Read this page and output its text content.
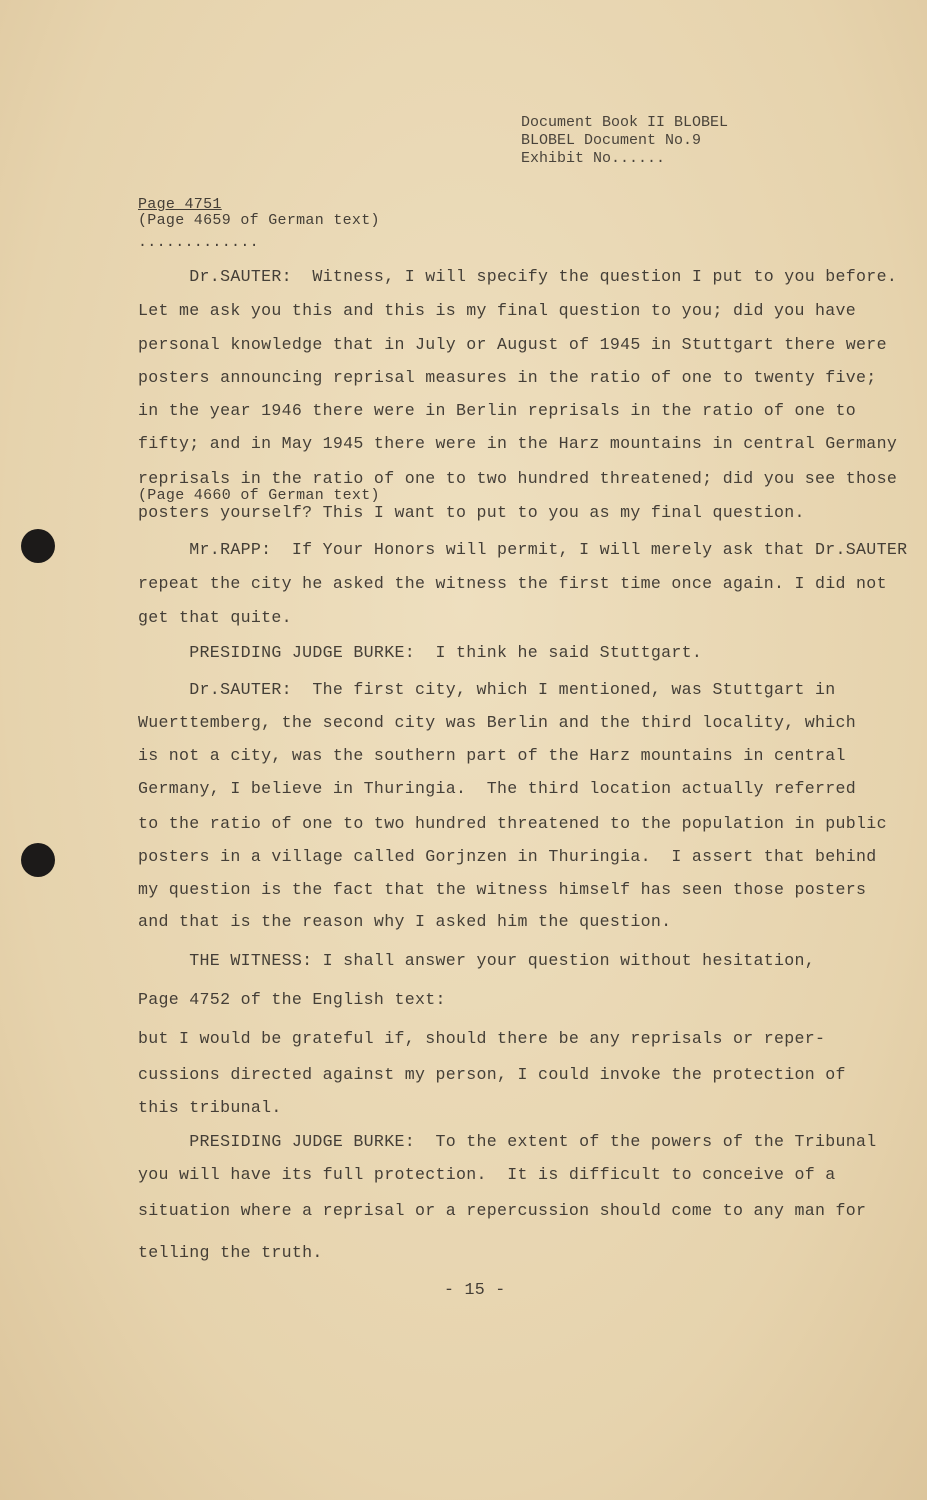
Document Book II BLOBEL
BLOBEL Document No.9
Exhibit No......
Page 4751
(Page 4659 of German text)
.............
Dr.SAUTER:  Witness, I will specify the question I put to you before.
Let me ask you this and this is my final question to you; did you have
personal knowledge that in July or August of 1945 in Stuttgart there were
posters announcing reprisal measures in the ratio of one to twenty five;
in the year 1946 there were in Berlin reprisals in the ratio of one to
fifty; and in May 1945 there were in the Harz mountains in central Germany
reprisals in the ratio of one to two hundred threatened; did you see those
(Page 4660 of German text)
posters yourself? This I want to put to you as my final question.
Mr.RAPP:  If Your Honors will permit, I will merely ask that Dr.SAUTER
repeat the city he asked the witness the first time once again. I did not
get that quite.
PRESIDING JUDGE BURKE:  I think he said Stuttgart.
Dr.SAUTER:  The first city, which I mentioned, was Stuttgart in
Wuerttemberg, the second city was Berlin and the third locality, which
is not a city, was the southern part of the Harz mountains in central
Germany, I believe in Thuringia.  The third location actually referred
to the ratio of one to two hundred threatened to the population in public
posters in a village called Gorjnzen in Thuringia.  I assert that behind
my question is the fact that the witness himself has seen those posters
and that is the reason why I asked him the question.
THE WITNESS: I shall answer your question without hesitation,
Page 4752 of the English text:
but I would be grateful if, should there be any reprisals or reper-
cussions directed against my person, I could invoke the protection of
this tribunal.
PRESIDING JUDGE BURKE:  To the extent of the powers of the Tribunal
you will have its full protection.  It is difficult to conceive of a
situation where a reprisal or a repercussion should come to any man for
telling the truth.
- 15 -
